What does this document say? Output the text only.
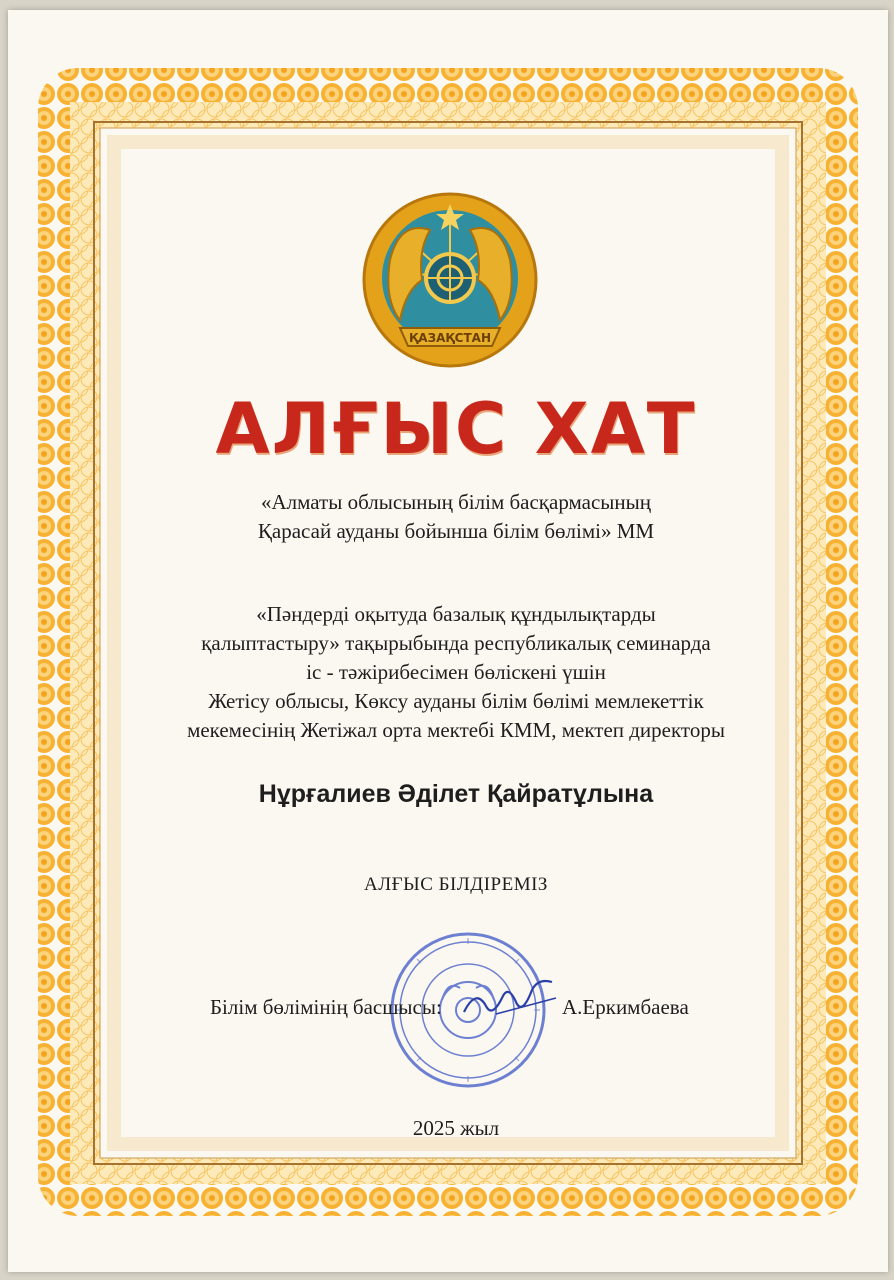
ҚАЗАҚСТАН
АЛҒЫС ХАТ
«Алматы облысының білім басқармасының
Қарасай ауданы бойынша білім бөлімі» ММ
«Пәндерді оқытуда базалық құндылықтарды
қалыптастыру» тақырыбында республикалық семинарда
іс - тәжірибесімен бөліскені үшін
Жетісу облысы, Көксу ауданы білім бөлімі мемлекеттік
мекемесінің Жетіжал орта мектебі КММ, мектеп директоры
Нұрғалиев Әділет Қайратұлына
АЛҒЫС БІЛДІРЕМІЗ
Білім бөлімінің басшысы:	А.Еркимбаева
2025 жыл
